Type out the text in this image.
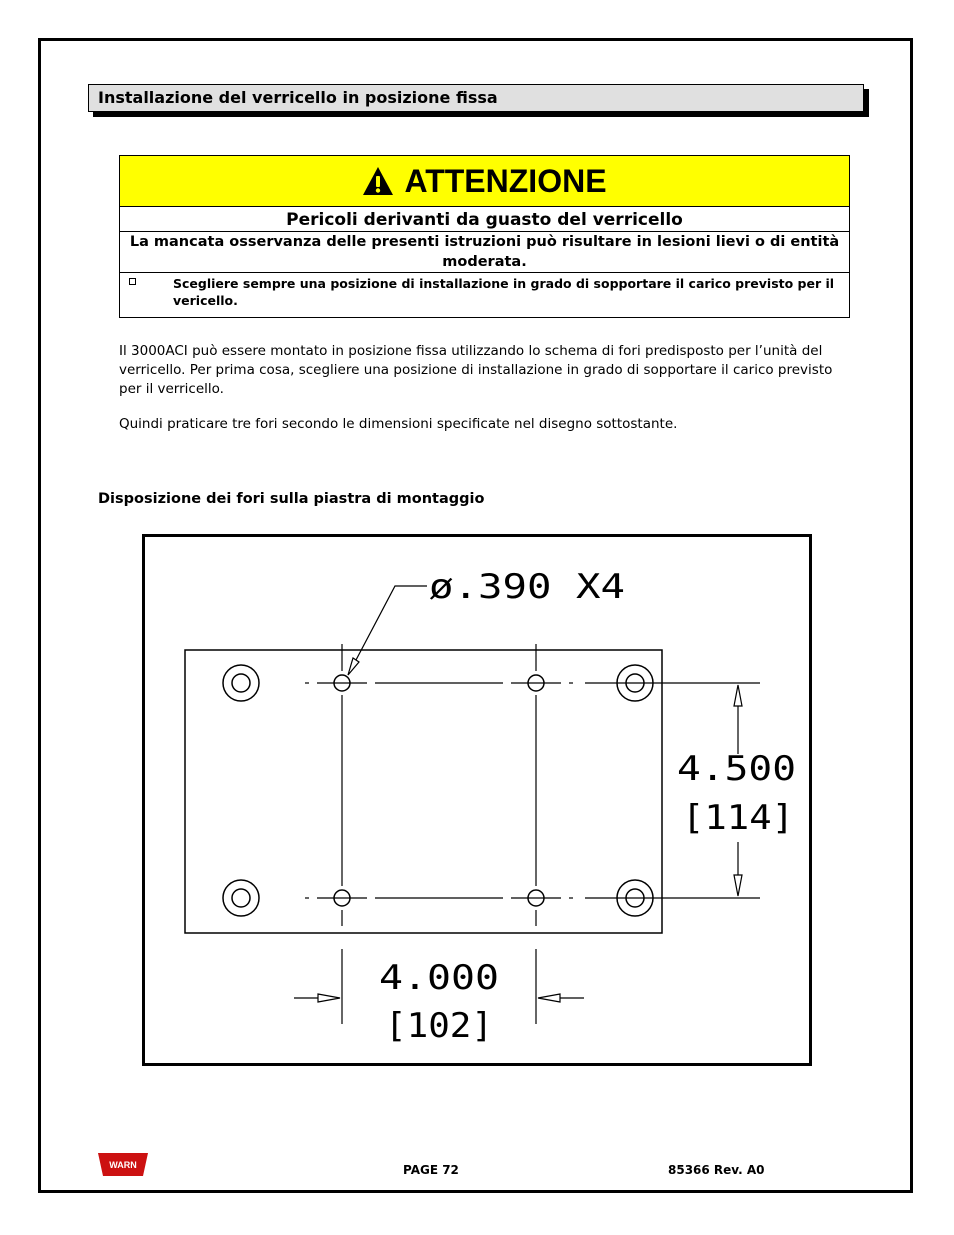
Installazione del verricello in posizione fissa
ATTENZIONE
Pericoli derivanti da guasto del verricello
La mancata osservanza delle presenti istruzioni può risultare in lesioni lievi o di entità moderata.
Scegliere sempre una posizione di installazione in grado di sopportare il carico previsto per il vericello.
Il 3000ACI può essere montato in posizione fissa utilizzando lo schema di fori predisposto per l’unità del verricello. Per prima cosa, scegliere una posizione di installazione in grado di sopportare il carico previsto per il verricello.
Quindi praticare tre fori secondo le dimensioni specificate nel disegno sottostante.
Disposizione dei fori sulla piastra di montaggio
ø.390 X4
4.500
[114]
4.000
[102]
WARN	PAGE 72	85366 Rev. A0
